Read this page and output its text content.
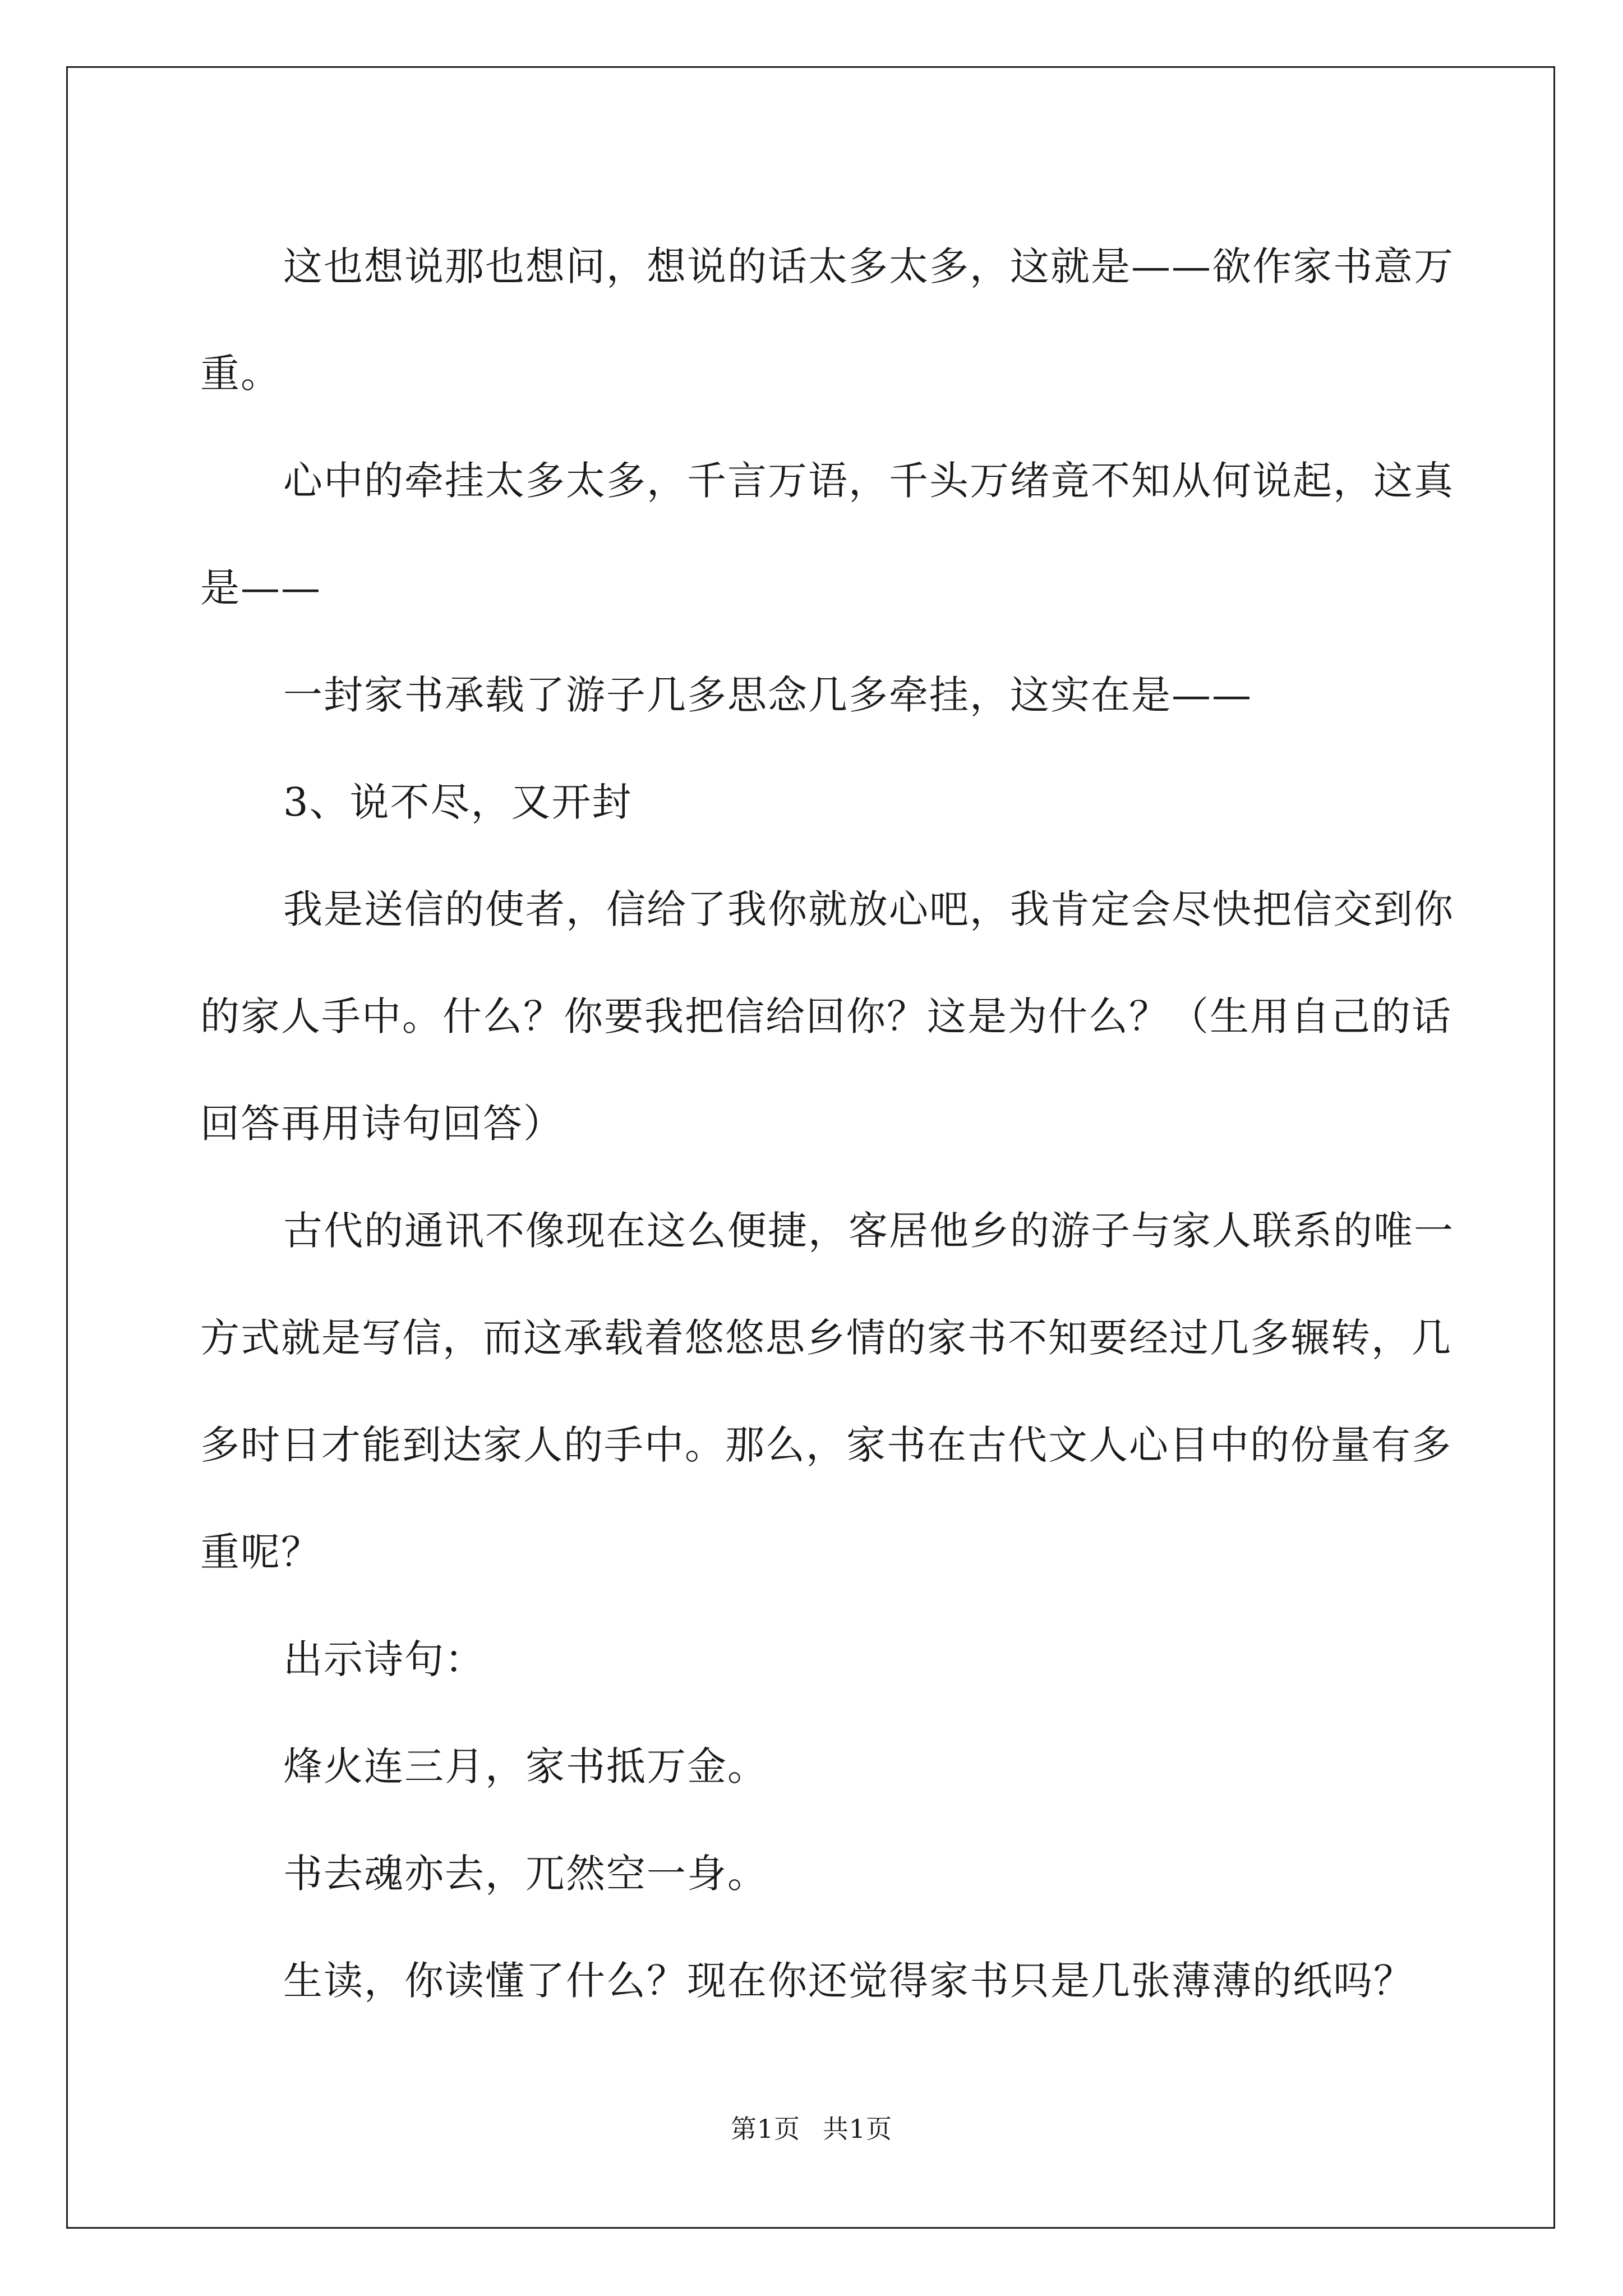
这也想说那也想问，想说的话太多太多，这就是——欲作家书意万重。

心中的牵挂太多太多，千言万语，千头万绪竟不知从何说起，这真是——

一封家书承载了游子几多思念几多牵挂，这实在是——

3、说不尽，又开封

我是送信的使者，信给了我你就放心吧，我肯定会尽快把信交到你的家人手中。什么？你要我把信给回你？这是为什么？（生用自己的话回答再用诗句回答）

古代的通讯不像现在这么便捷，客居他乡的游子与家人联系的唯一方式就是写信，而这承载着悠悠思乡情的家书不知要经过几多辗转，几多时日才能到达家人的手中。那么，家书在古代文人心目中的份量有多重呢？

出示诗句：

烽火连三月，家书抵万金。

书去魂亦去，兀然空一身。

生读，你读懂了什么？现在你还觉得家书只是几张薄薄的纸吗？

第1页 共1页
